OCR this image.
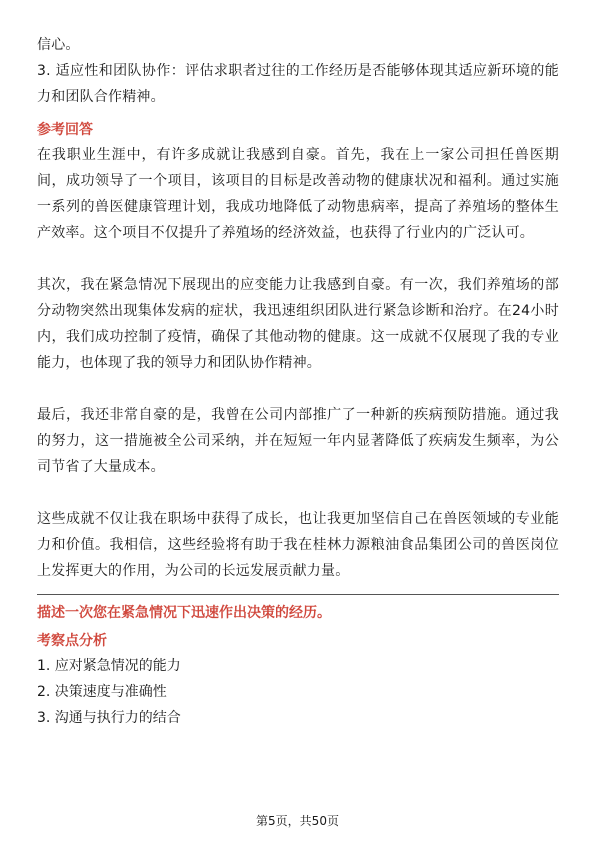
信心。

3. 适应性和团队协作：评估求职者过往的工作经历是否能够体现其适应新环境的能力和团队合作精神。

参考回答

在我职业生涯中，有许多成就让我感到自豪。首先，我在上一家公司担任兽医期间，成功领导了一个项目，该项目的目标是改善动物的健康状况和福利。通过实施一系列的兽医健康管理计划，我成功地降低了动物患病率，提高了养殖场的整体生产效率。这个项目不仅提升了养殖场的经济效益，也获得了行业内的广泛认可。

其次，我在紧急情况下展现出的应变能力让我感到自豪。有一次，我们养殖场的部分动物突然出现集体发病的症状，我迅速组织团队进行紧急诊断和治疗。在24小时内，我们成功控制了疫情，确保了其他动物的健康。这一成就不仅展现了我的专业能力，也体现了我的领导力和团队协作精神。

最后，我还非常自豪的是，我曾在公司内部推广了一种新的疾病预防措施。通过我的努力，这一措施被全公司采纳，并在短短一年内显著降低了疾病发生频率，为公司节省了大量成本。

这些成就不仅让我在职场中获得了成长，也让我更加坚信自己在兽医领域的专业能力和价值。我相信，这些经验将有助于我在桂林力源粮油食品集团公司的兽医岗位上发挥更大的作用，为公司的长远发展贡献力量。

描述一次您在紧急情况下迅速作出决策的经历。

考察点分析

1. 应对紧急情况的能力

2. 决策速度与准确性

3. 沟通与执行力的结合

第5页，共50页
